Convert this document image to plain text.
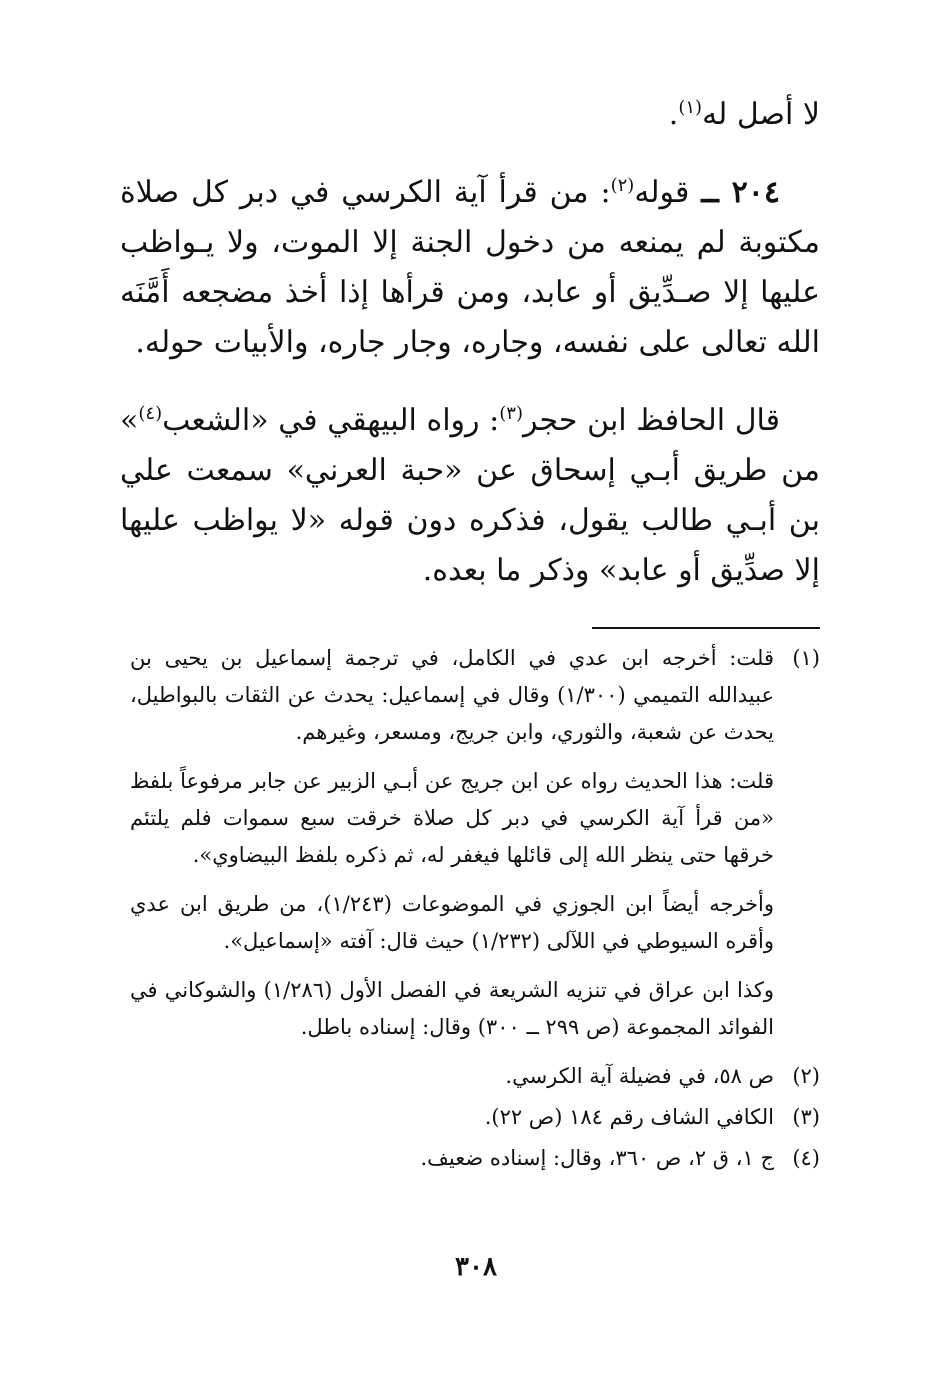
لا أصل له$^{(١)}$.

٢٠٤ ــ قوله$^{(٢)}$: من قرأ آية الكرسي في دبر كل صلاة مكتوبة لم يمنعه من دخول الجنة إلا الموت، ولا يـواظب عليها إلا صـدِّيق أو عابد، ومن قرأها إذا أخذ مضجعه أَمَّنَه الله تعالى على نفسه، وجاره، وجار جاره، والأبيات حوله.

قال الحافظ ابن حجر$^{(٣)}$: رواه البيهقي في «الشعب$^{(٤)}$» من طريق أبـي إسحاق عن «حبة العرني» سمعت علي بن أبـي طالب يقول، فذكره دون قوله «لا يواظب عليها إلا صدِّيق أو عابد» وذكر ما بعده.

(١)
قلت: أخرجه ابن عدي في الكامل، في ترجمة إسماعيل بن يحيى بن عبيدالله التميمي (١/٣٠٠) وقال في إسماعيل: يحدث عن الثقات بالبواطيل، يحدث عن شعبة، والثوري، وابن جريج، ومسعر، وغيرهم.
قلت: هذا الحديث رواه عن ابن جريج عن أبـي الزبير عن جابر مرفوعاً بلفظ «من قرأ آية الكرسي في دبر كل صلاة خرقت سبع سموات فلم يلتئم خرقها حتى ينظر الله إلى قائلها فيغفر له، ثم ذكره بلفظ البيضاوي».
وأخرجه أيضاً ابن الجوزي في الموضوعات (١/٢٤٣)، من طريق ابن عدي وأقره السيوطي في اللآلى (١/٢٣٢) حيث قال: آفته «إسماعيل».
وكذا ابن عراق في تنزيه الشريعة في الفصل الأول (١/٢٨٦) والشوكاني في الفوائد المجموعة (ص ٢٩٩ ــ ٣٠٠) وقال: إسناده باطل.
(٢)
ص ٥٨، في فضيلة آية الكرسي.
(٣)
الكافي الشاف رقم ١٨٤ (ص ٢٢).
(٤)
ج ١، ق ٢، ص ٣٦٠، وقال: إسناده ضعيف.
٣٠٨
